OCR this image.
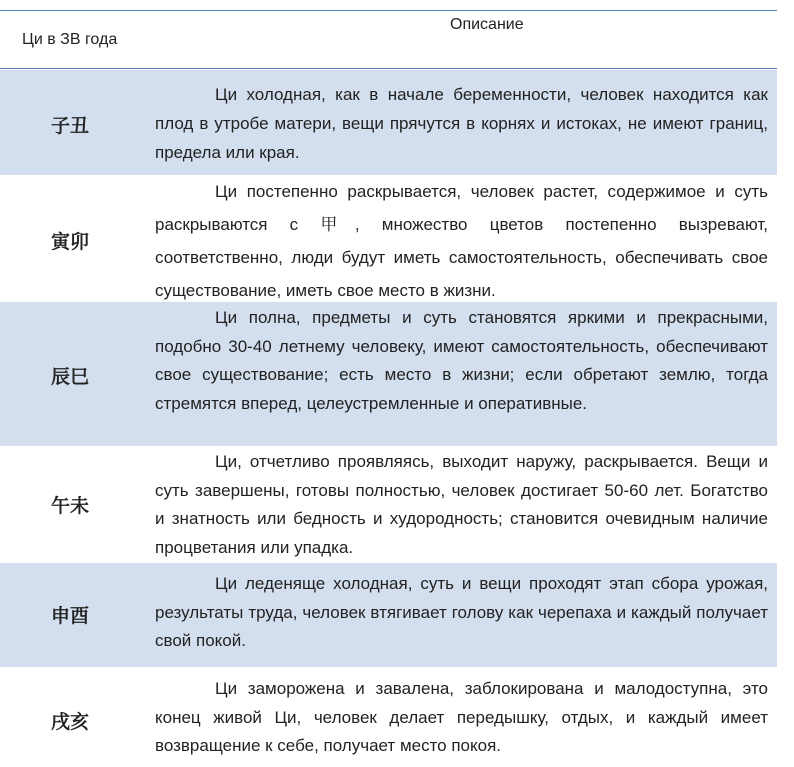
Ци в ЗВ года
Описание
子丑
Ци холодная, как в начале беременности, человек находится как плод в утробе матери, вещи прячутся в корнях и истоках, не имеют границ, предела или края.
寅卯
Ци постепенно раскрывается, человек растет, содержимое и суть раскрываются с 甲, множество цветов постепенно вызревают, соответственно, люди будут иметь самостоятельность, обеспечивать свое существование, иметь свое место в жизни.
辰巳
Ци полна, предметы и суть становятся яркими и прекрасными, подобно 30-40 летнему человеку, имеют самостоятельность, обеспечивают свое существование; есть место в жизни; если обретают землю, тогда стремятся вперед, целеустремленные и оперативные.
午未
Ци, отчетливо проявляясь, выходит наружу, раскрывается. Вещи и суть завершены, готовы полностью, человек достигает 50-60 лет. Богатство и знатность или бедность и худородность; становится очевидным наличие процветания или упадка.
申酉
Ци леденяще холодная, суть и вещи проходят этап сбора урожая, результаты труда, человек втягивает голову как черепаха и каждый получает свой покой.
戌亥
Ци заморожена и завалена, заблокирована и малодоступна, это конец живой Ци, человек делает передышку, отдых, и каждый имеет возвращение к себе, получает место покоя.
